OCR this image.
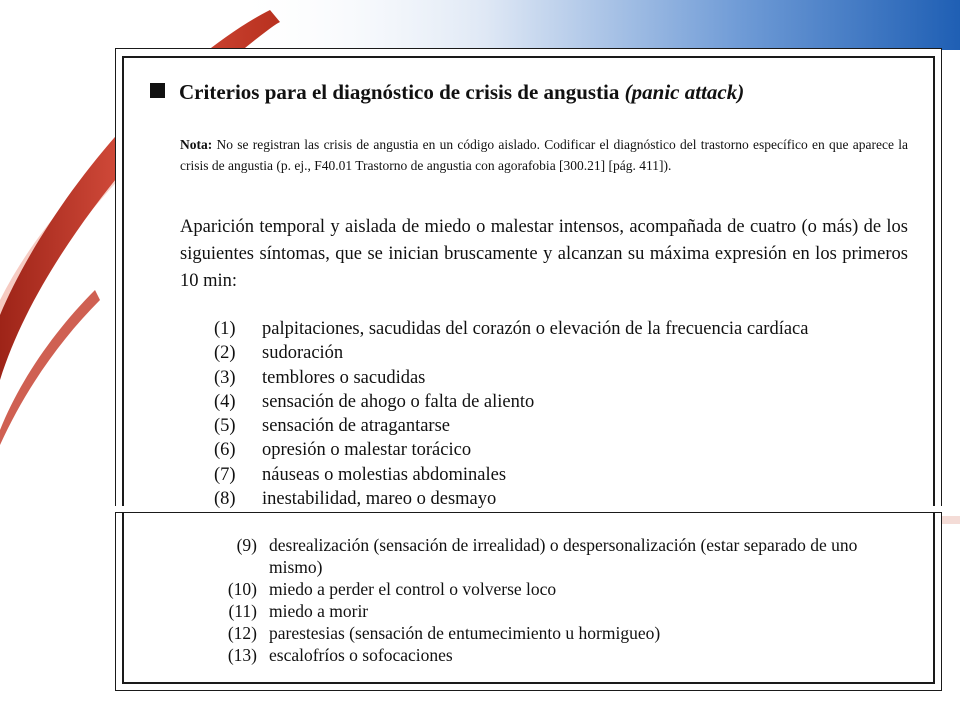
Criterios para el diagnóstico de crisis de angustia (panic attack)
Nota: No se registran las crisis de angustia en un código aislado. Codificar el diagnóstico del trastorno específico en que aparece la crisis de angustia (p. ej., F40.01 Trastorno de angustia con agorafobia [300.21] [pág. 411]).
Aparición temporal y aislada de miedo o malestar intensos, acompañada de cuatro (o más) de los siguientes síntomas, que se inician bruscamente y alcanzan su máxima expresión en los primeros 10 min:
(1)	palpitaciones, sacudidas del corazón o elevación de la frecuencia cardíaca
(2)	sudoración
(3)	temblores o sacudidas
(4)	sensación de ahogo o falta de aliento
(5)	sensación de atragantarse
(6)	opresión o malestar torácico
(7)	náuseas o molestias abdominales
(8)	inestabilidad, mareo o desmayo
(9) desrealización (sensación de irrealidad) o despersonalización (estar separado de uno mismo)
(10) miedo a perder el control o volverse loco
(11) miedo a morir
(12) parestesias (sensación de entumecimiento u hormigueo)
(13) escalofríos o sofocaciones
